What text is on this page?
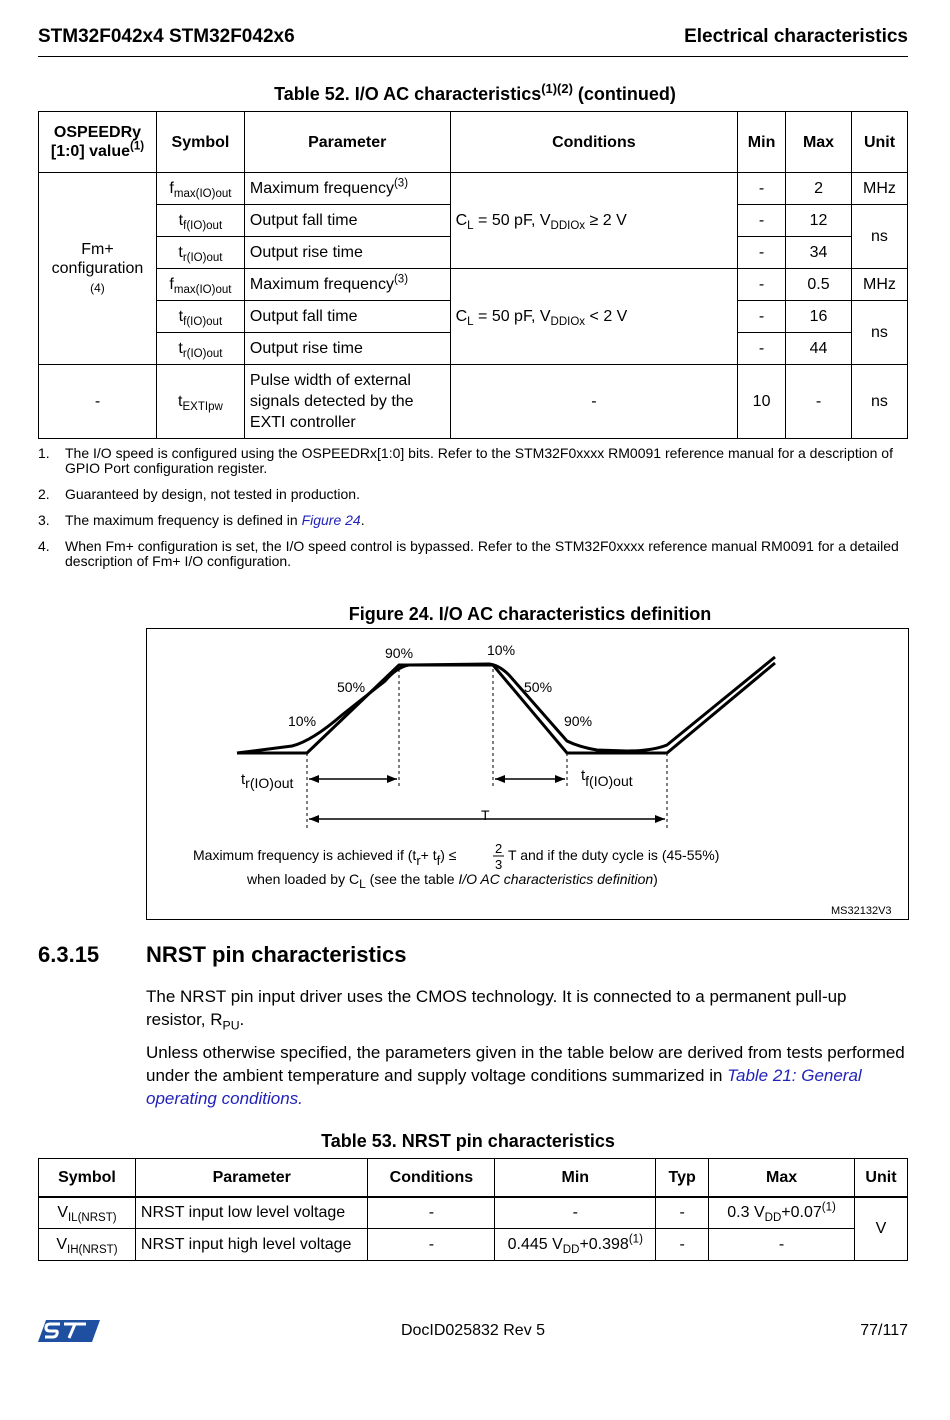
STM32F042x4 STM32F042x6	Electrical characteristics
Table 52. I/O AC characteristics$^{(1)(2)}$ (continued)
OSPEEDRy [1:0] value$^{(1)}$	Symbol	Parameter	Conditions	Min	Max	Unit
Fm+ configuration
(4)	$f_{max(IO)out}$	Maximum frequency$^{(3)}$	$C_L = 50$ pF, $V_{DDIOx} \ge 2$ V	-	2	MHz
	$t_{f(IO)out}$	Output fall time		-	12	ns
	$t_{r(IO)out}$	Output rise time		-	34	
	$f_{max(IO)out}$	Maximum frequency$^{(3)}$	$C_L = 50$ pF, $V_{DDIOx} < 2$ V	-	0.5	MHz
	$t_{f(IO)out}$	Output fall time		-	16	ns
	$t_{r(IO)out}$	Output rise time		-	44	
-	$t_{EXTIpw}$	Pulse width of external signals detected by the EXTI controller	-	10	-	ns
1. The I/O speed is configured using the OSPEEDRx[1:0] bits. Refer to the STM32F0xxxx RM0091 reference manual for a description of GPIO Port configuration register.
2. Guaranteed by design, not tested in production.
3. The maximum frequency is defined in Figure 24.
4. When Fm+ configuration is set, the I/O speed control is bypassed. Refer to the STM32F0xxxx reference manual RM0091 for a detailed description of Fm+ I/O configuration.
Figure 24. I/O AC characteristics definition
90%	10%
50%	50%
10%	90%
tr(IO)out	tf(IO)out
T
Maximum frequency is achieved if (tr+ tf) ≤	2
3
T and if the duty cycle is (45-55%)
when loaded by CL (see the table I/O AC characteristics definition)
MS32132V3
6.3.15 NRST pin characteristics
The NRST pin input driver uses the CMOS technology. It is connected to a permanent pull-up resistor, $R_{PU}$.
Unless otherwise specified, the parameters given in the table below are derived from tests performed under the ambient temperature and supply voltage conditions summarized in Table 21: General operating conditions.
Table 53. NRST pin characteristics
Symbol	Parameter	Conditions	Min	Typ	Max	Unit
$V_{IL(NRST)}$	NRST input low level voltage	-	-	-	0.3 $V_{DD}+0.07^{(1)}$	V
$V_{IH(NRST)}$	NRST input high level voltage	-	0.445 $V_{DD}+0.398^{(1)}$	-	-	
DocID025832 Rev 5	77/117
